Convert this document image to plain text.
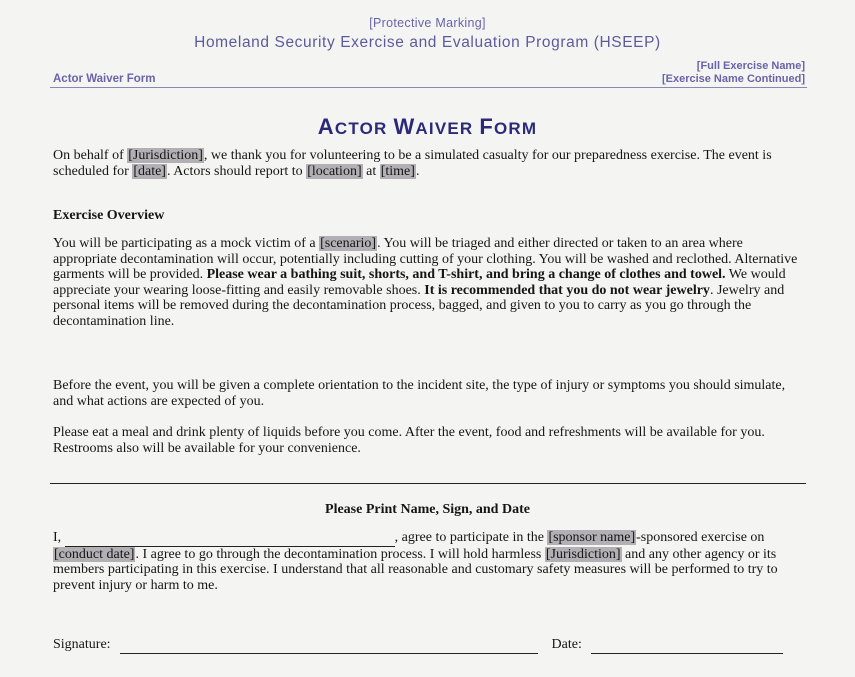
[Protective Marking]
Homeland Security Exercise and Evaluation Program (HSEEP)
[Full Exercise Name]
[Exercise Name Continued]
Actor Waiver Form
ACTOR WAIVER FORM

On behalf of [Jurisdiction], we thank you for volunteering to be a simulated casualty for our preparedness exercise. The event is scheduled for [date]. Actors should report to [location] at [time].

Exercise Overview

You will be participating as a mock victim of a [scenario]. You will be triaged and either directed or taken to an area where appropriate decontamination will occur, potentially including cutting of your clothing. You will be washed and reclothed. Alternative garments will be provided. Please wear a bathing suit, shorts, and T-shirt, and bring a change of clothes and towel. We would appreciate your wearing loose-fitting and easily removable shoes. It is recommended that you do not wear jewelry. Jewelry and personal items will be removed during the decontamination process, bagged, and given to you to carry as you go through the decontamination line.

Before the event, you will be given a complete orientation to the incident site, the type of injury or symptoms you should simulate, and what actions are expected of you.

Please eat a meal and drink plenty of liquids before you come. After the event, food and refreshments will be available for you. Restrooms also will be available for your convenience.

Please Print Name, Sign, and Date

I,	, agree to participate in the [sponsor name]-sponsored exercise on [conduct date]. I agree to go through the decontamination process. I will hold harmless [Jurisdiction] and any other agency or its members participating in this exercise. I understand that all reasonable and customary safety measures will be performed to try to prevent injury or harm to me.

Signature:	Date:
